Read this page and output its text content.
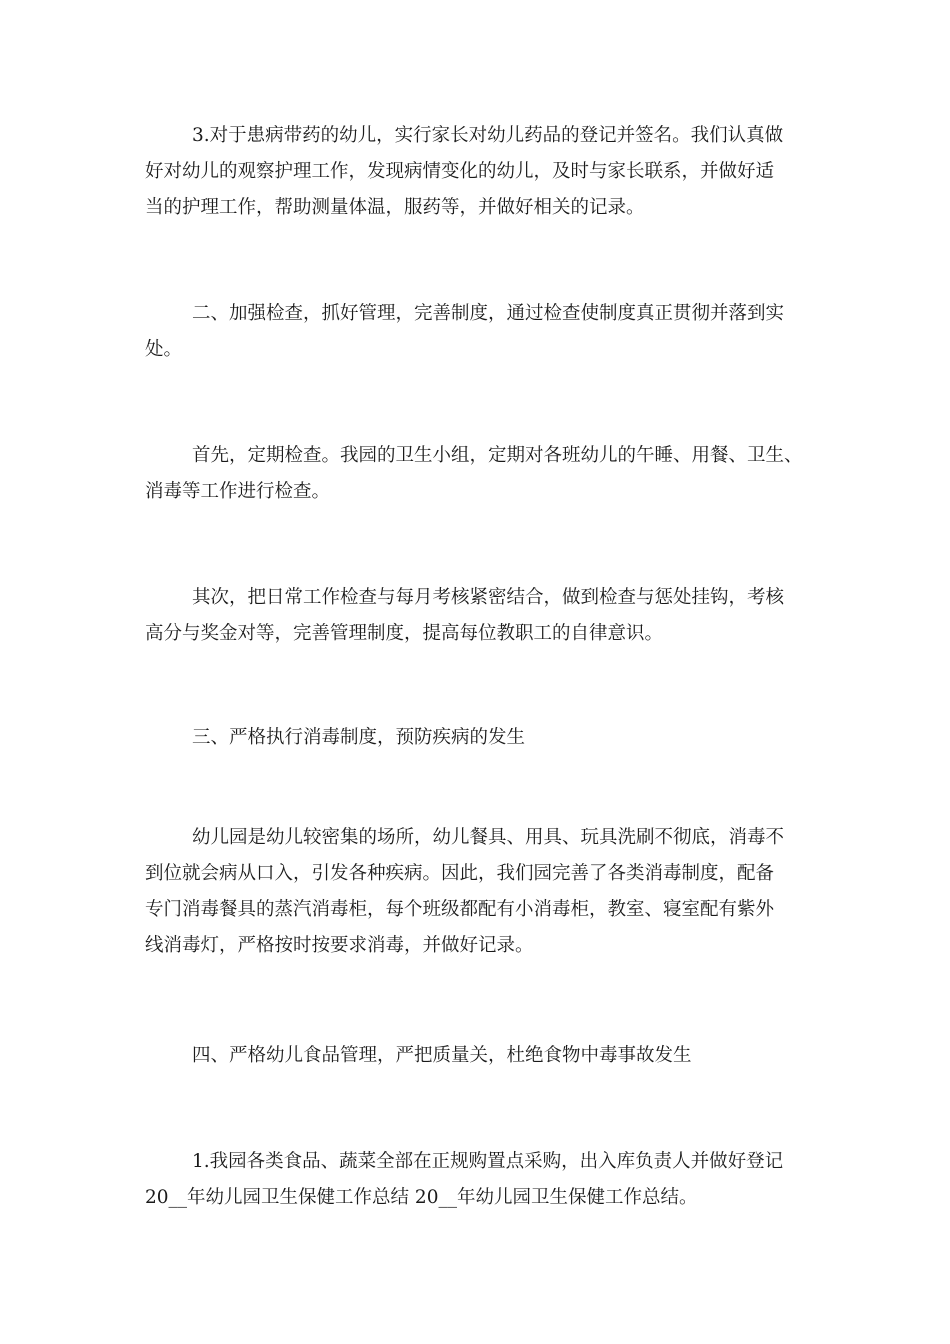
3.对于患病带药的幼儿，实行家长对幼儿药品的登记并签名。我们认真做
好对幼儿的观察护理工作，发现病情变化的幼儿，及时与家长联系，并做好适
当的护理工作，帮助测量体温，服药等，并做好相关的记录。
二、加强检查，抓好管理，完善制度，通过检查使制度真正贯彻并落到实
处。
首先，定期检查。我园的卫生小组，定期对各班幼儿的午睡、用餐、卫生、
消毒等工作进行检查。
其次，把日常工作检查与每月考核紧密结合，做到检查与惩处挂钩，考核
高分与奖金对等，完善管理制度，提高每位教职工的自律意识。
三、严格执行消毒制度，预防疾病的发生
幼儿园是幼儿较密集的场所，幼儿餐具、用具、玩具洗刷不彻底，消毒不
到位就会病从口入，引发各种疾病。因此，我们园完善了各类消毒制度，配备
专门消毒餐具的蒸汽消毒柜，每个班级都配有小消毒柜，教室、寝室配有紫外
线消毒灯，严格按时按要求消毒，并做好记录。
四、严格幼儿食品管理，严把质量关，杜绝食物中毒事故发生
1.我园各类食品、蔬菜全部在正规购置点采购，出入库负责人并做好登记
20__年幼儿园卫生保健工作总结 20__年幼儿园卫生保健工作总结。
